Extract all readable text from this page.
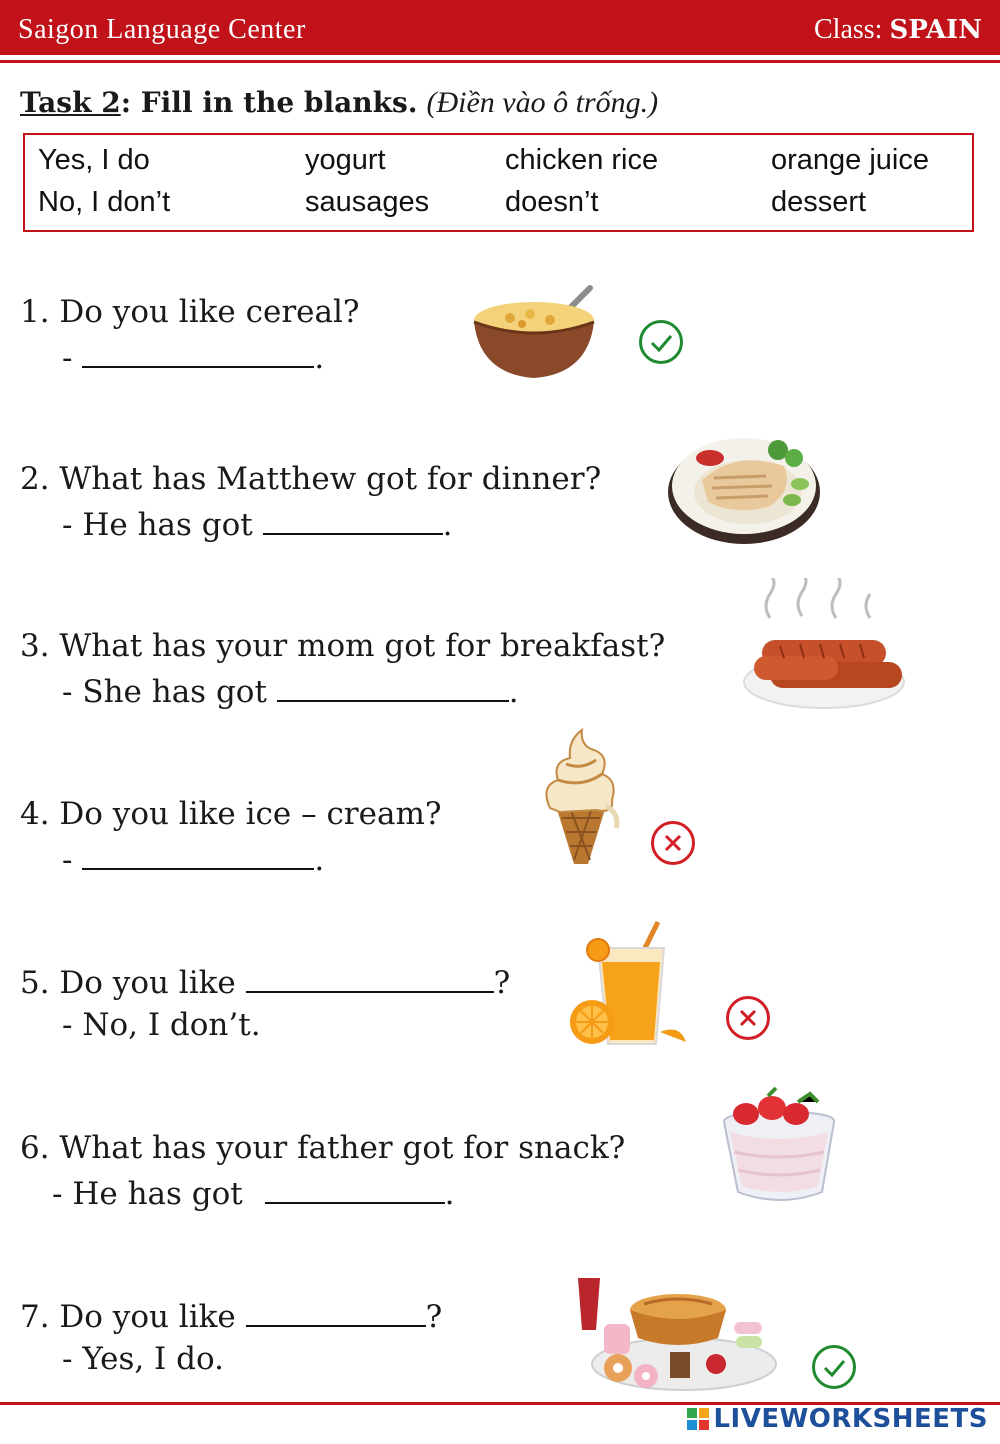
Saigon Language Center	Class: SPAIN
Task 2: Fill in the blanks. (Điền vào ô trống.)
Yes, I do	yogurt	chicken rice	orange juice
No, I don’t	sausages	doesn’t	dessert
1. Do you like cereal?
-	.
2. What has Matthew got for dinner?
- He has got	.
3. What has your mom got for breakfast?
- She has got	.
4. Do you like ice – cream?
-	.
5. Do you like	?
- No, I don’t.
6. What has your father got for snack?
- He has got	.
7. Do you like	?
- Yes, I do.
LIVEWORKSHEETS
